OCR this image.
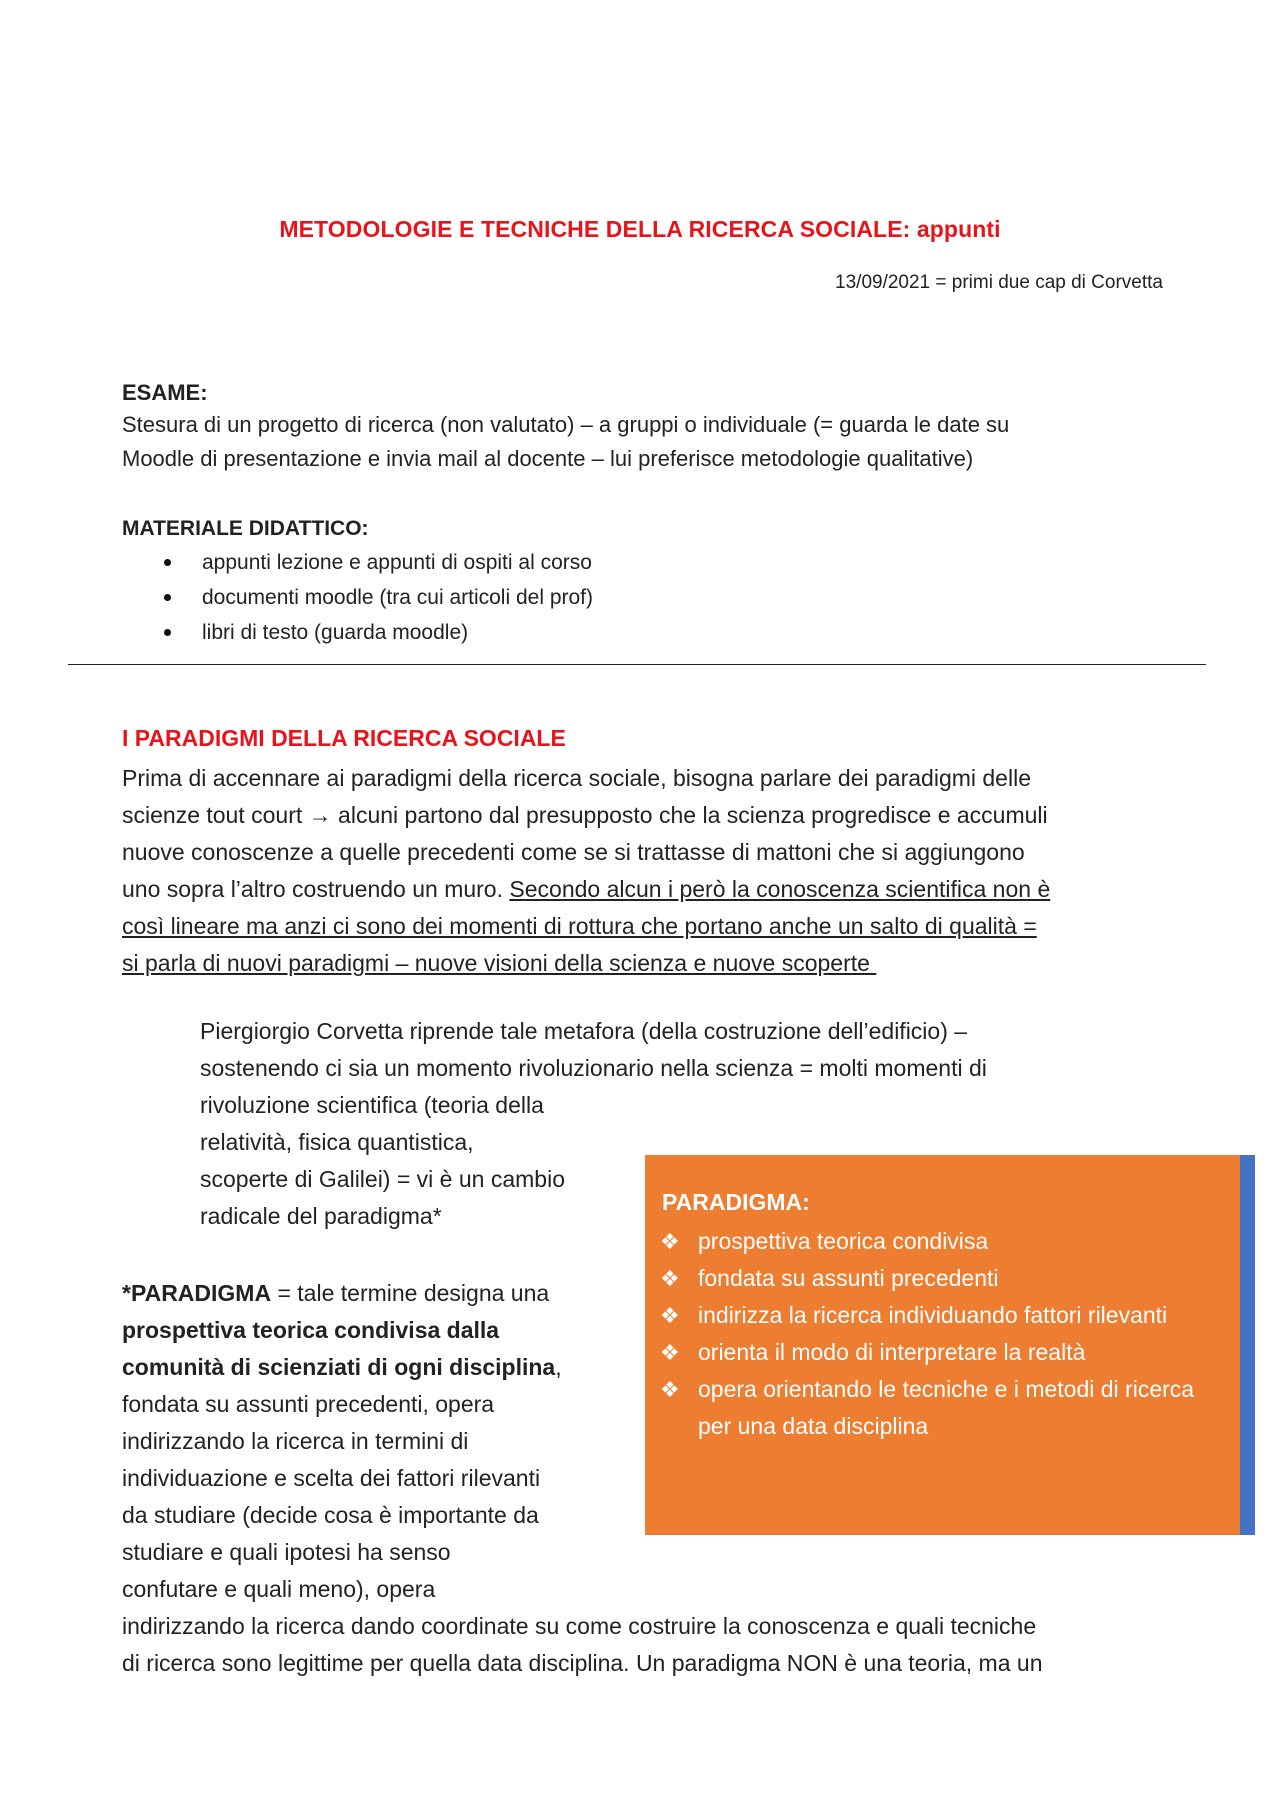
METODOLOGIE E TECNICHE DELLA RICERCA SOCIALE: appunti
13/09/2021 = primi due cap di Corvetta
ESAME:
Stesura di un progetto di ricerca (non valutato) – a gruppi o individuale (= guarda le date su
Moodle di presentazione e invia mail al docente – lui preferisce metodologie qualitative)
MATERIALE DIDATTICO:
appunti lezione e appunti di ospiti al corso
documenti moodle (tra cui articoli del prof)
libri di testo (guarda moodle)
I PARADIGMI DELLA RICERCA SOCIALE
Prima di accennare ai paradigmi della ricerca sociale, bisogna parlare dei paradigmi delle
scienze tout court → alcuni partono dal presupposto che la scienza progredisce e accumuli
nuove conoscenze a quelle precedenti come se si trattasse di mattoni che si aggiungono
uno sopra l’altro costruendo un muro. Secondo alcun i però la conoscenza scientifica non è
così lineare ma anzi ci sono dei momenti di rottura che portano anche un salto di qualità =
si parla di nuovi paradigmi – nuove visioni della scienza e nuove scoperte
Piergiorgio Corvetta riprende tale metafora (della costruzione dell’edificio) –
sostenendo ci sia un momento rivoluzionario nella scienza = molti momenti di
rivoluzione scientifica (teoria della
relatività, fisica quantistica,
scoperte di Galilei) = vi è un cambio
radicale del paradigma*
PARADIGMA:
❖ prospettiva teorica condivisa
❖ fondata su assunti precedenti
❖ indirizza la ricerca individuando fattori rilevanti
❖ orienta il modo di interpretare la realtà
❖ opera orientando le tecniche e i metodi di ricerca per una data disciplina
*PARADIGMA = tale termine designa una
prospettiva teorica condivisa dalla
comunità di scienziati di ogni disciplina,
fondata su assunti precedenti, opera
indirizzando la ricerca in termini di
individuazione e scelta dei fattori rilevanti
da studiare (decide cosa è importante da
studiare e quali ipotesi ha senso
confutare e quali meno), opera
indirizzando la ricerca dando coordinate su come costruire la conoscenza e quali tecniche
di ricerca sono legittime per quella data disciplina. Un paradigma NON è una teoria, ma un
